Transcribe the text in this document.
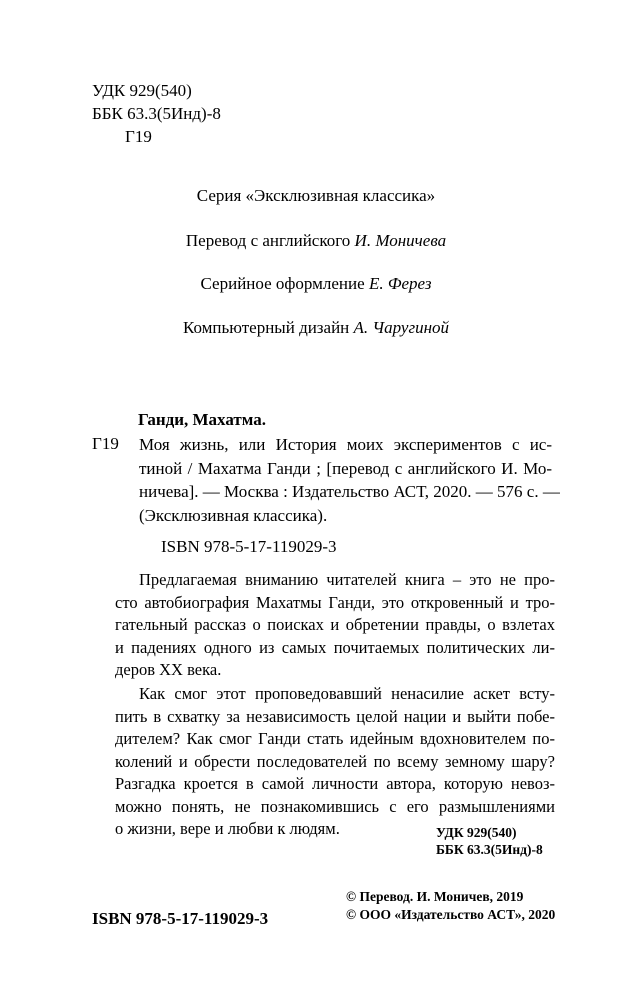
УДК 929(540)
ББК 63.3(5Инд)-8
Г19
Серия «Эксклюзивная классика»
Перевод с английского И. Моничева
Серийное оформление Е. Ферез
Компьютерный дизайн А. Чаругиной
Ганди, Махатма.
Г19 Моя жизнь, или История моих экспериментов с ис-
тиной / Махатма Ганди ; [перевод с английского И. Мо-
ничева]. — Москва : Издательство АСТ, 2020. — 576 с. —
(Эксклюзивная классика).
ISBN 978-5-17-119029-3
Предлагаемая вниманию читателей книга – это не про-
сто автобиография Махатмы Ганди, это откровенный и тро-
гательный рассказ о поисках и обретении правды, о взлетах
и падениях одного из самых почитаемых политических ли-
деров XX века.
Как смог этот проповедовавший ненасилие аскет всту-
пить в схватку за независимость целой нации и выйти побе-
дителем? Как смог Ганди стать идейным вдохновителем по-
колений и обрести последователей по всему земному шару?
Разгадка кроется в самой личности автора, которую невоз-
можно понять, не познакомившись с его размышлениями
о жизни, вере и любви к людям.	УДК 929(540)
ББК 63.3(5Инд)-8
ISBN 978-5-17-119029-3
© Перевод. И. Моничев, 2019
© ООО «Издательство АСТ», 2020
